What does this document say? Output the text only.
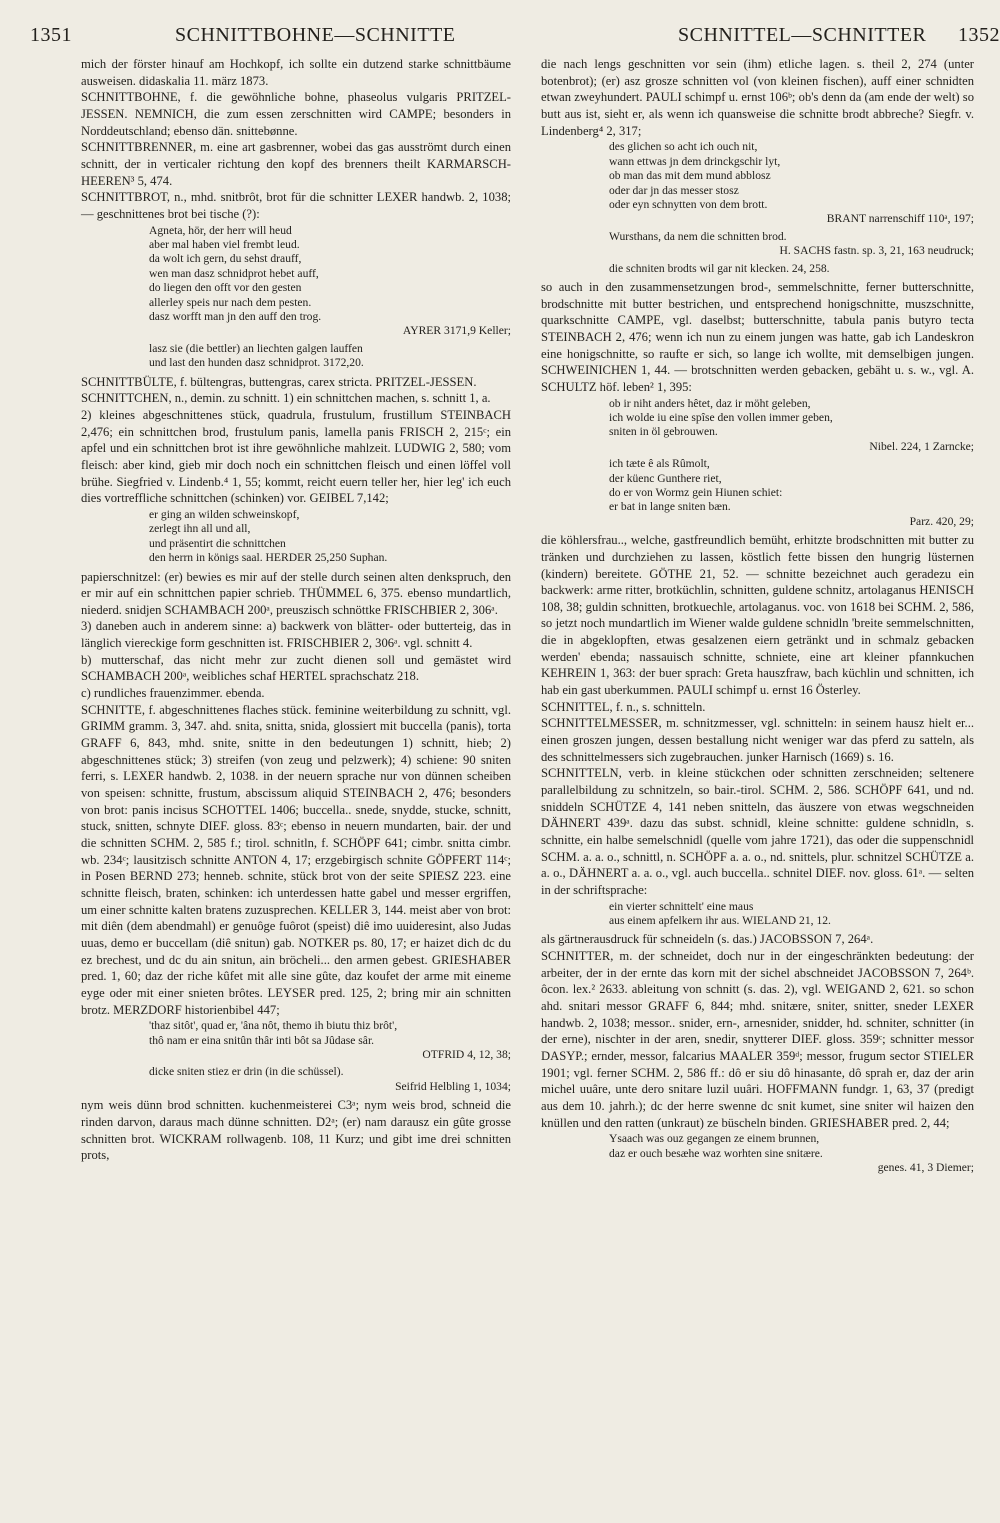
1351	SCHNITTBOHNE—SCHNITTE	SCHNITTEL—SCHNITTER 1352

mich der förster hinauf am Hochkopf, ich sollte ein dutzend starke schnittbäume ausweisen. didaskalia 11. märz 1873.

SCHNITTBOHNE, f. die gewöhnliche bohne, phaseolus vulgaris PRITZEL-JESSEN. NEMNICH, die zum essen zerschnitten wird CAMPE; besonders in Norddeutschland; ebenso dän. snittebønne.

SCHNITTBRENNER, m. eine art gasbrenner, wobei das gas ausströmt durch einen schnitt, der in verticaler richtung den kopf des brenners theilt KARMARSCH-HEEREN³ 5, 474.

SCHNITTBROT, n., mhd. snitbrôt, brot für die schnitter LEXER handwb. 2, 1038; — geschnittenes brot bei tische (?):

Agneta, hör, der herr will heud
aber mal haben viel frembt leud.
da wolt ich gern, du sehst drauff,
wen man dasz schnidprot hebet auff,
do liegen den offt vor den gesten
allerley speis nur nach dem pesten.
dasz worfft man jn den auff den trog.
AYRER 3171,9 Keller;

lasz sie (die bettler) an liechten galgen lauffen
und last den hunden dasz schnidprot. 3172,20.

SCHNITTBÜLTE, f. bültengras, buttengras, carex stricta. PRITZEL-JESSEN.

SCHNITTCHEN, n., demin. zu schnitt. 1) ein schnittchen machen, s. schnitt 1, a.

2) kleines abgeschnittenes stück, quadrula, frustulum, frustillum STEINBACH 2,476; ein schnittchen brod, frustulum panis, lamella panis FRISCH 2, 215ᶜ; ein apfel und ein schnittchen brot ist ihre gewöhnliche mahlzeit. LUDWIG 2, 580; vom fleisch: aber kind, gieb mir doch noch ein schnittchen fleisch und einen löffel voll brühe. Siegfried v. Lindenb.⁴ 1, 55; kommt, reicht euern teller her, hier leg' ich euch dies vortreffliche schnittchen (schinken) vor. GEIBEL 7,142;

er ging an wilden schweinskopf,
zerlegt ihn all und all,
und präsentirt die schnittchen
den herrn in königs saal. HERDER 25,250 Suphan.

papierschnitzel: (er) bewies es mir auf der stelle durch seinen alten denkspruch, den er mir auf ein schnittchen papier schrieb. THÜMMEL 6, 375. ebenso mundartlich, niederd. snidjen SCHAMBACH 200ᵃ, preuszisch schnöttke FRISCHBIER 2, 306ᵃ.

3) daneben auch in anderem sinne: a) backwerk von blätter- oder butterteig, das in länglich viereckige form geschnitten ist. FRISCHBIER 2, 306ᵃ. vgl. schnitt 4.

b) mutterschaf, das nicht mehr zur zucht dienen soll und gemästet wird SCHAMBACH 200ᵃ, weibliches schaf HERTEL sprachschatz 218.

c) rundliches frauenzimmer. ebenda.

SCHNITTE, f. abgeschnittenes flaches stück. feminine weiterbildung zu schnitt, vgl. GRIMM gramm. 3, 347. ahd. snita, snitta, snida, glossiert mit buccella (panis), torta GRAFF 6, 843, mhd. snite, snitte in den bedeutungen 1) schnitt, hieb; 2) abgeschnittenes stück; 3) streifen (von zeug und pelzwerk); 4) schiene: 90 sniten ferri, s. LEXER handwb. 2, 1038. in der neuern sprache nur von dünnen scheiben von speisen: schnitte, frustum, abscissum aliquid STEINBACH 2, 476; besonders von brot: panis incisus SCHOTTEL 1406; buccella.. snede, snydde, stucke, schnitt, stuck, snitten, schnyte DIEF. gloss. 83ᶜ; ebenso in neuern mundarten, bair. der und die schnitten SCHM. 2, 585 f.; tirol. schnitln, f. SCHÖPF 641; cimbr. snitta cimbr. wb. 234ᶜ; lausitzisch schnitte ANTON 4, 17; erzgebirgisch schnite GÖPFERT 114ᶜ; in Posen BERND 273; henneb. schnite, stück brot von der seite SPIESZ 223. eine schnitte fleisch, braten, schinken: ich unterdessen hatte gabel und messer ergriffen, um einer schnitte kalten bratens zuzusprechen. KELLER 3, 144. meist aber von brot: mit diên (dem abendmahl) er genuôge fuôrot (speist) diê imo uuideresint, also Judas uuas, demo er buccellam (diê snitun) gab. NOTKER ps. 80, 17; er haizet dich dc du ez brechest, und dc du ain snitun, ain bröcheli... den armen gebest. GRIESHABER pred. 1, 60; daz der riche kûfet mit alle sine gûte, daz koufet der arme mit eineme eyge oder mit einer snieten brôtes. LEYSER pred. 125, 2; bring mir ain schnitten brotz. MERZDORF historienbibel 447;

'thaz sitôt', quad er, 'âna nôt, themo ih biutu thiz brôt',
thô nam er eina snitûn thâr inti bôt sa Jûdase sâr.
OTFRID 4, 12, 38;

dicke sniten stiez er drin (in die schüssel).
Seifrid Helbling 1, 1034;

nym weis dünn brod schnitten. kuchenmeisterei C3ᵃ; nym weis brod, schneid die rinden darvon, daraus mach dünne schnitten. D2ᵃ; (er) nam darausz ein gûte grosse schnitten brot. WICKRAM rollwagenb. 108, 11 Kurz; und gibt ime drei schnitten prots,

die nach lengs geschnitten vor sein (ihm) etliche lagen. s. theil 2, 274 (unter botenbrot); (er) asz grosze schnitten vol (von kleinen fischen), auff einer schnidten etwan zweyhundert. PAULI schimpf u. ernst 106ᵇ; ob's denn da (am ende der welt) so butt aus ist, sieht er, als wenn ich quansweise die schnitte brodt abbreche? Siegfr. v. Lindenberg⁴ 2, 317;

des glichen so acht ich ouch nit,
wann ettwas jn dem drinckgschir lyt,
ob man das mit dem mund abblosz
oder dar jn das messer stosz
oder eyn schnytten von dem brott.
BRANT narrenschiff 110ᵃ, 197;

Wursthans, da nem die schnitten brod.
H. SACHS fastn. sp. 3, 21, 163 neudruck;

die schniten brodts wil gar nit klecken. 24, 258.

so auch in den zusammensetzungen brod-, semmelschnitte, ferner butterschnitte, brodschnitte mit butter bestrichen, und entsprechend honigschnitte, muszschnitte, quarkschnitte CAMPE, vgl. daselbst; butterschnitte, tabula panis butyro tecta STEINBACH 2, 476; wenn ich nun zu einem jungen was hatte, gab ich Landeskron eine honigschnitte, so raufte er sich, so lange ich wollte, mit demselbigen jungen. SCHWEINICHEN 1, 44. — brotschnitten werden gebacken, gebäht u. s. w., vgl. A. SCHULTZ höf. leben² 1, 395:

ob ir niht anders hêtet, daz ir möht geleben,
ich wolde iu eine spîse den vollen immer geben,
sniten in öl gebrouwen.
Nibel. 224, 1 Zarncke;

ich tæte ê als Rûmolt,
der küenc Gunthere riet,
do er von Wormz gein Hiunen schiet:
er bat in lange sniten bæn.
Parz. 420, 29;

die köhlersfrau.., welche, gastfreundlich bemüht, erhitzte brodschnitten mit butter zu tränken und durchziehen zu lassen, köstlich fette bissen den hungrig lüsternen (kindern) bereitete. GÖTHE 21, 52. — schnitte bezeichnet auch geradezu ein backwerk: arme ritter, brotküchlin, schnitten, guldene schnitz, artolaganus HENISCH 108, 38; guldin schnitten, brotkuechle, artolaganus. voc. von 1618 bei SCHM. 2, 586, so jetzt noch mundartlich im Wiener walde guldene schnidln 'breite semmelschnitten, die in abgeklopften, etwas gesalzenen eiern getränkt und in schmalz gebacken werden' ebenda; nassauisch schnitte, schniete, eine art kleiner pfannkuchen KEHREIN 1, 363: der buer sprach: Greta hauszfraw, bach küchlin und schnitten, ich hab ein gast uberkummen. PAULI schimpf u. ernst 16 Österley.

SCHNITTEL, f. n., s. schnitteln.

SCHNITTELMESSER, m. schnitzmesser, vgl. schnitteln: in seinem hausz hielt er... einen groszen jungen, dessen bestallung nicht weniger war das pferd zu satteln, als des schnittelmessers sich zugebrauchen. junker Harnisch (1669) s. 16.

SCHNITTELN, verb. in kleine stückchen oder schnitten zerschneiden; seltenere parallelbildung zu schnitzeln, so bair.-tirol. SCHM. 2, 586. SCHÖPF 641, und nd. sniddeln SCHÜTZE 4, 141 neben snitteln, das äuszere von etwas wegschneiden DÄHNERT 439ᵃ. dazu das subst. schnidl, kleine schnitte: guldene schnidln, s. schnitte, ein halbe semelschnidl (quelle vom jahre 1721), das oder die suppenschnidl SCHM. a. a. o., schnittl, n. SCHÖPF a. a. o., nd. snittels, plur. schnitzel SCHÜTZE a. a. o., DÄHNERT a. a. o., vgl. auch buccella.. schnitel DIEF. nov. gloss. 61ᵃ. — selten in der schriftsprache:

ein vierter schnittelt' eine maus
aus einem apfelkern ihr aus. WIELAND 21, 12.

als gärtnerausdruck für schneideln (s. das.) JACOBSSON 7, 264ᵃ.

SCHNITTER, m. der schneidet, doch nur in der eingeschränkten bedeutung: der arbeiter, der in der ernte das korn mit der sichel abschneidet JACOBSSON 7, 264ᵇ. ôcon. lex.² 2633. ableitung von schnitt (s. das. 2), vgl. WEIGAND 2, 621. so schon ahd. snitari messor GRAFF 6, 844; mhd. snitære, sniter, snitter, sneder LEXER handwb. 2, 1038; messor.. snider, ern-, arnesnider, snidder, hd. schniter, schnitter (in der erne), nischter in der aren, snedir, snytterer DIEF. gloss. 359ᶜ; schnitter messor DASYP.; ernder, messor, falcarius MAALER 359ᵈ; messor, frugum sector STIELER 1901; vgl. ferner SCHM. 2, 586 ff.: dô er siu dô hinasante, dô sprah er, daz der arin michel uuâre, unte dero snitare luzil uuâri. HOFFMANN fundgr. 1, 63, 37 (predigt aus dem 10. jahrh.); dc der herre swenne dc snit kumet, sine sniter wil haizen den knüllen und den ratten (unkraut) ze büscheln binden. GRIESHABER pred. 2, 44;

Ysaach was ouz gegangen ze einem brunnen,
daz er ouch besæhe waz worhten sine snitære.
genes. 41, 3 Diemer;
